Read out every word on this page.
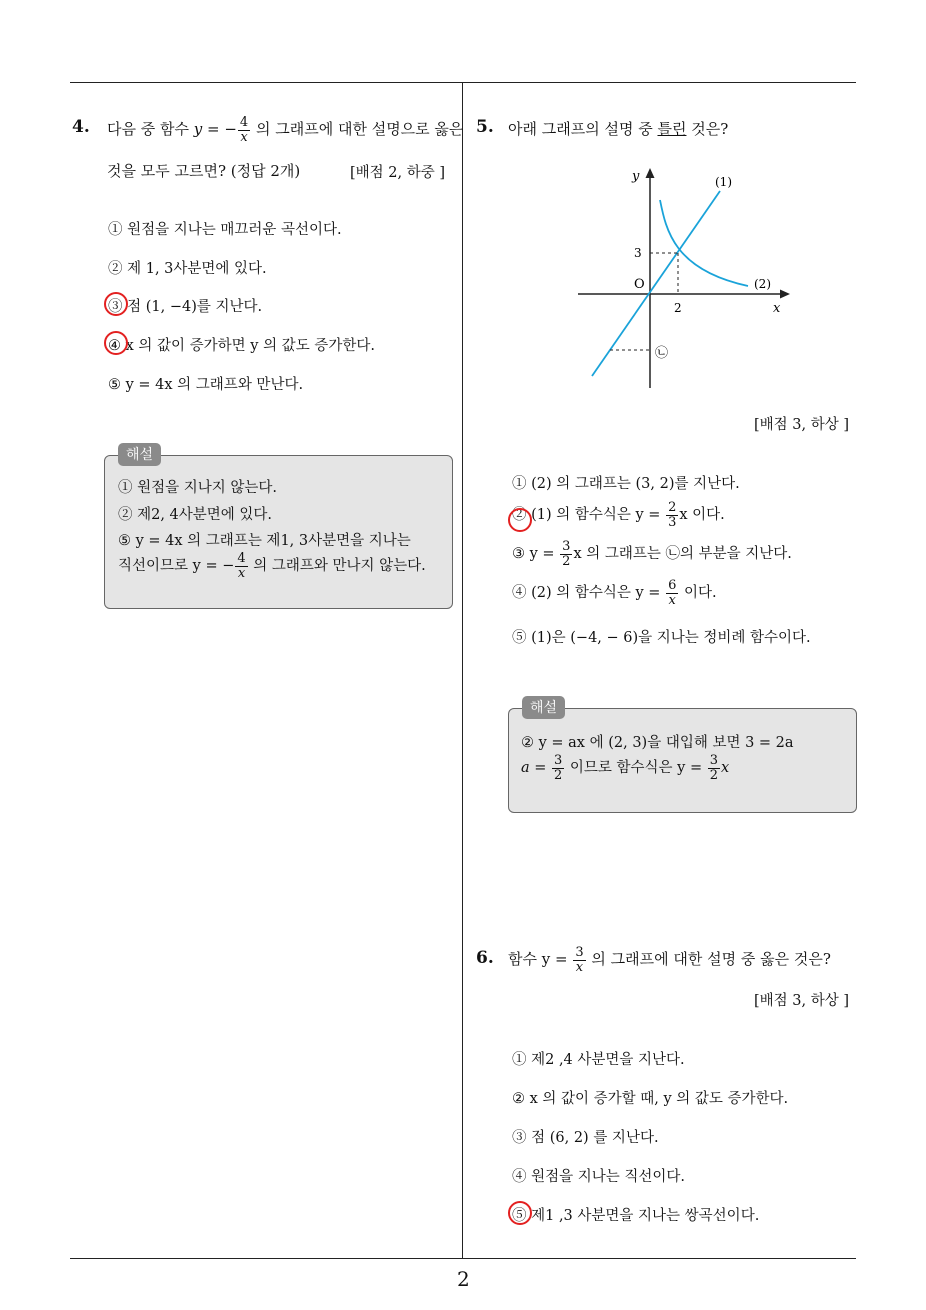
4. 다음 중 함수 y = − $\frac{4}{x}$ 의 그래프에 대한 설명으로 옳은
것을 모두 고르면? (정답 2개)	[배점 2, 하중 ]
① 원점을 지나는 매끄러운 곡선이다.
② 제 1, 3사분면에 있다.
③ 점 (1, −4)를 지난다.
④ x 의 값이 증가하면 y 의 값도 증가한다.
⑤ y = 4x 의 그래프와 만난다.
해설
① 원점을 지나지 않는다.
② 제2, 4사분면에 있다.
⑤ y = 4x 의 그래프는 제1, 3사분면을 지나는
직선이므로 y = − $\frac{4}{x}$ 의 그래프와 만나지 않는다.
5. 아래 그래프의 설명 중 틀린 것은?
y
x
O
2
3
(1)
(2)
㉡
[배점 3, 하상 ]
① (2) 의 그래프는 (3, 2)를 지난다.
② (1) 의 함수식은 $y = \frac{2}{3}$ x 이다.
③ $y = \frac{3}{2}$ x 의 그래프는 ㉡의 부분을 지난다.
④ (2) 의 함수식은 $y = \frac{6}{x}$ 이다.
⑤ (1)은 (−4, − 6)을 지나는 정비례 함수이다.
해설
② y = ax 에 (2, 3)을 대입해 보면 3 = 2a
$a = \frac{3}{2}$ 이므로 함수식은 $y = \frac{3}{2}$ x
6. 함수 $y = \frac{3}{x}$ 의 그래프에 대한 설명 중 옳은 것은?
[배점 3, 하상 ]
① 제2 ,4 사분면을 지난다.
② x 의 값이 증가할 때, y 의 값도 증가한다.
③ 점 (6, 2) 를 지난다.
④ 원점을 지나는 직선이다.
⑤ 제1 ,3 사분면을 지나는 쌍곡선이다.
2
